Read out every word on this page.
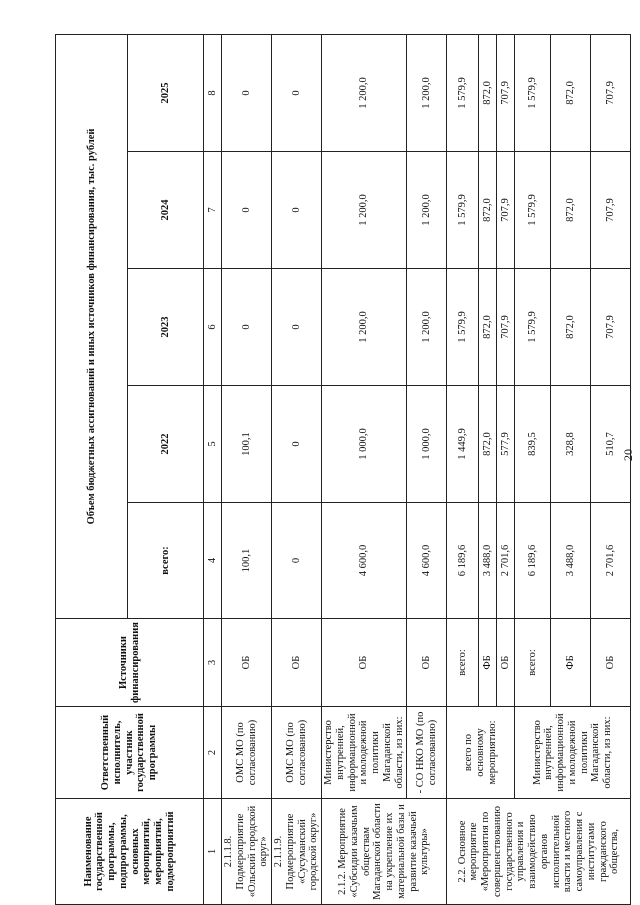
20
Наименование государственной программы, подпрограммы, основных мероприятий, мероприятий, подмероприятий	Ответственный исполнитель, участник государственной программы	Источники финансирования	Объем бюджетных ассигнований и иных источников финансирования, тыс. рублей				
			всего:	2022	2023	2024	2025
1	2	3	4	5	6	7	8
2.1.1.8. Подмероприятие «Ольский городской округ»	ОМС МО (по согласованию)	ОБ	100,1	100,1	0	0	0
2.1.1.9. Подмероприятие «Сусуманский городской округ»	ОМС МО (по согласованию)	ОБ	0	0	0	0	0
2.1.2. Мероприятие «Субсидии казачьим обществам Магаданской области на укрепление их материальной базы и развитие казачьей культуры»	Министерство внутренней, информационной и молодежной политики Магаданской области, из них:	ОБ	4 600,0	1 000,0	1 200,0	1 200,0	1 200,0
	- СО НКО МО (по согласованию)	ОБ	4 600,0	1 000,0	1 200,0	1 200,0	1 200,0
2.2. Основное мероприятие «Мероприятия по совершенствованию государственного управления и взаимодействию органов исполнительной власти и местного самоуправления с институтами гражданского общества,	всего по основному мероприятию:	всего:	6 189,6	1 449,9	1 579,9	1 579,9	1 579,9
		ФБ	3 488,0	872,0	872,0	872,0	872,0
		ОБ	2 701,6	577,9	707,9	707,9	707,9
	Министерство внутренней, информационной и молодежной политики Магаданской области, из них:	всего:	6 189,6	839,5	1 579,9	1 579,9	1 579,9
		ФБ	3 488,0	328,8	872,0	872,0	872,0
		ОБ	2 701,6	510,7	707,9	707,9	707,9
